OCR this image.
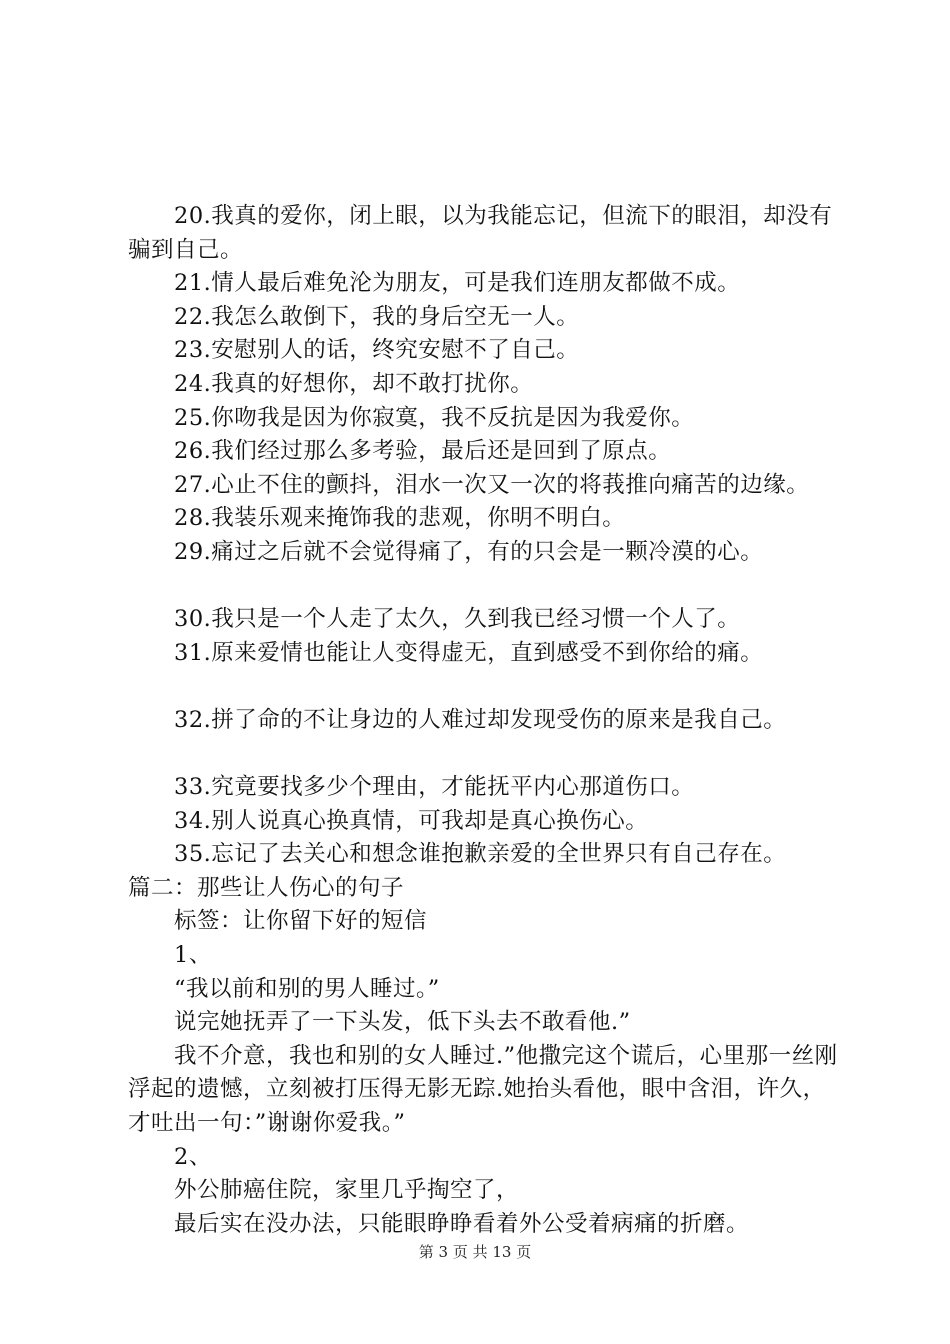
20.我真的爱你，闭上眼，以为我能忘记，但流下的眼泪，却没有骗到自己。

21.情人最后难免沦为朋友，可是我们连朋友都做不成。

22.我怎么敢倒下，我的身后空无一人。

23.安慰别人的话，终究安慰不了自己。

24.我真的好想你，却不敢打扰你。

25.你吻我是因为你寂寞，我不反抗是因为我爱你。

26.我们经过那么多考验，最后还是回到了原点。

27.心止不住的颤抖，泪水一次又一次的将莪推向痛苦的边缘。

28.我装乐观来掩饰我的悲观，你明不明白。

29.痛过之后就不会觉得痛了，有的只会是一颗冷漠的心。

30.我只是一个人走了太久，久到我已经习惯一个人了。

31.原来爱情也能让人变得虚无，直到感受不到你给的痛。

32.拼了命的不让身边的人难过却发现受伤的原来是我自己。

33.究竟要找多少个理由，才能抚平内心那道伤口。

34.别人说真心换真情，可我却是真心换伤心。

35.忘记了去关心和想念谁抱歉亲爱的全世界只有自己存在。

篇二：那些让人伤心的句子

标签：让你留下好的短信

1、

“我以前和别的男人睡过。”

说完她抚弄了一下头发，低下头去不敢看他.”

我不介意，我也和别的女人睡过.”他撒完这个谎后，心里那一丝刚浮起的遗憾，立刻被打压得无影无踪.她抬头看他，眼中含泪，许久，才吐出一句：”谢谢你爱我。”

2、

外公肺癌住院，家里几乎掏空了，

最后实在没办法，只能眼睁睁看着外公受着病痛的折磨。

第 3 页 共 13 页
